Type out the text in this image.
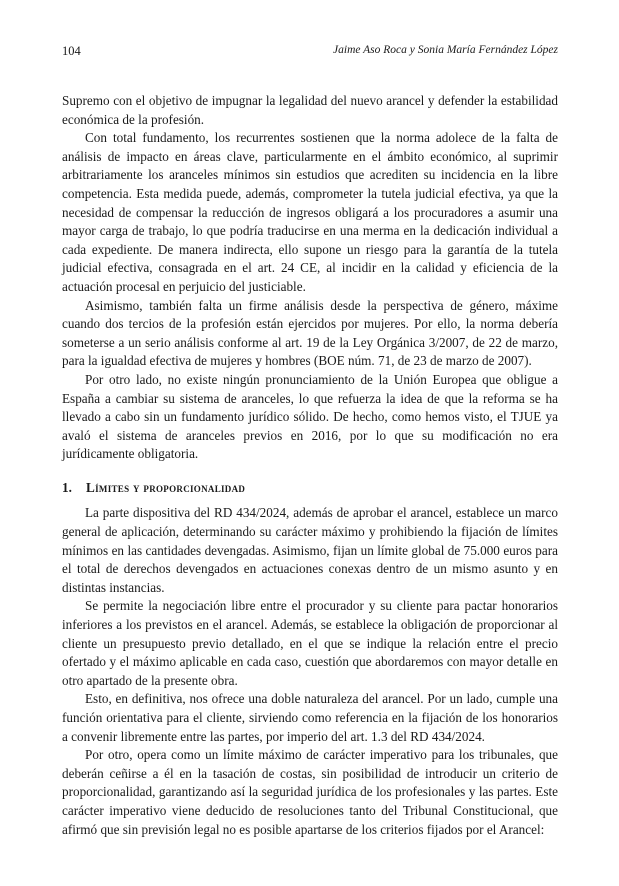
104	Jaime Aso Roca y Sonia María Fernández López

Supremo con el objetivo de impugnar la legalidad del nuevo arancel y defender la estabilidad económica de la profesión.

Con total fundamento, los recurrentes sostienen que la norma adolece de la falta de análisis de impacto en áreas clave, particularmente en el ámbito económico, al suprimir arbitrariamente los aranceles mínimos sin estudios que acrediten su incidencia en la libre competencia. Esta medida puede, además, comprometer la tutela judicial efectiva, ya que la necesidad de compensar la reducción de ingresos obligará a los procuradores a asumir una mayor carga de trabajo, lo que podría traducirse en una merma en la dedicación individual a cada expediente. De manera indirecta, ello supone un riesgo para la garantía de la tutela judicial efectiva, consagrada en el art. 24 CE, al incidir en la calidad y eficiencia de la actuación procesal en perjuicio del justiciable.

Asimismo, también falta un firme análisis desde la perspectiva de género, máxime cuando dos tercios de la profesión están ejercidos por mujeres. Por ello, la norma debería someterse a un serio análisis conforme al art. 19 de la Ley Orgánica 3/2007, de 22 de marzo, para la igualdad efectiva de mujeres y hombres (BOE núm. 71, de 23 de marzo de 2007).

Por otro lado, no existe ningún pronunciamiento de la Unión Europea que obligue a España a cambiar su sistema de aranceles, lo que refuerza la idea de que la reforma se ha llevado a cabo sin un fundamento jurídico sólido. De hecho, como hemos visto, el TJUE ya avaló el sistema de aranceles previos en 2016, por lo que su modificación no era jurídicamente obligatoria.

1. Límites y proporcionalidad

La parte dispositiva del RD 434/2024, además de aprobar el arancel, establece un marco general de aplicación, determinando su carácter máximo y prohibiendo la fijación de límites mínimos en las cantidades devengadas. Asimismo, fijan un límite global de 75.000 euros para el total de derechos devengados en actuaciones conexas dentro de un mismo asunto y en distintas instancias.

Se permite la negociación libre entre el procurador y su cliente para pactar honorarios inferiores a los previstos en el arancel. Además, se establece la obligación de proporcionar al cliente un presupuesto previo detallado, en el que se indique la relación entre el precio ofertado y el máximo aplicable en cada caso, cuestión que abordaremos con mayor detalle en otro apartado de la presente obra.

Esto, en definitiva, nos ofrece una doble naturaleza del arancel. Por un lado, cumple una función orientativa para el cliente, sirviendo como referencia en la fijación de los honorarios a convenir libremente entre las partes, por imperio del art. 1.3 del RD 434/2024.

Por otro, opera como un límite máximo de carácter imperativo para los tribunales, que deberán ceñirse a él en la tasación de costas, sin posibilidad de introducir un criterio de proporcionalidad, garantizando así la seguridad jurídica de los profesionales y las partes. Este carácter imperativo viene deducido de resoluciones tanto del Tribunal Constitucional, que afirmó que sin previsión legal no es posible apartarse de los criterios fijados por el Arancel:
